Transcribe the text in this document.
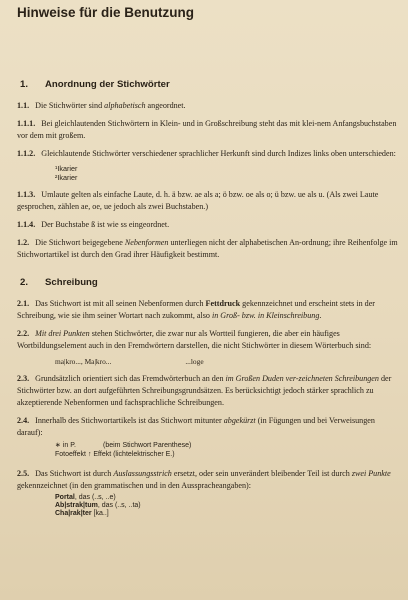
Hinweise für die Benutzung
1. Anordnung der Stichwörter
1.1. Die Stichwörter sind alphabetisch angeordnet.
1.1.1. Bei gleichlautenden Stichwörtern in Klein- und in Großschreibung steht das mit klei-nem Anfangsbuchstaben vor dem mit großem.
1.1.2. Gleichlautende Stichwörter verschiedener sprachlicher Herkunft sind durch Indizes links oben unterschieden:
¹Ikarier
²Ikarier
1.1.3. Umlaute gelten als einfache Laute, d. h. ä bzw. ae als a; ö bzw. oe als o; ü bzw. ue als u. (Als zwei Laute gesprochen, zählen ae, oe, ue jedoch als zwei Buchstaben.)
1.1.4. Der Buchstabe ß ist wie ss eingeordnet.
1.2. Die Stichwort beigegebene Nebenformen unterliegen nicht der alphabetischen An-ordnung; ihre Reihenfolge im Stichwortartikel ist durch den Grad ihrer Häufigkeit bestimmt.
2. Schreibung
2.1. Das Stichwort ist mit all seinen Nebenformen durch Fettdruck gekennzeichnet und erscheint stets in der Schreibung, wie sie ihm seiner Wortart nach zukommt, also in Groß- bzw. in Kleinschreibung.
2.2. Mit drei Punkten stehen Stichwörter, die zwar nur als Wortteil fungieren, die aber ein häufiges Wortbildungselement auch in den Fremdwörtern darstellen, die nicht Stichwörter in diesem Wörterbuch sind:
ma|kro..., Ma|kro...	...loge
2.3. Grundsätzlich orientiert sich das Fremdwörterbuch an den im Großen Duden ver-zeichneten Schreibungen der Stichwörter bzw. an dort aufgeführten Schreibungsgrundsätzen. Es berücksichtigt jedoch stärker sprachlich zu akzeptierende Nebenformen und fachsprachliche Schreibungen.
2.4. Innerhalb des Stichwortartikels ist das Stichwort mitunter abgekürzt (in Fügungen und bei Verweisungen darauf):
∗ in P.	(beim Stichwort Parenthese)
Fotoeffekt ↑ Effekt (lichtelektrischer E.)
2.5. Das Stichwort ist durch Auslassungsstrich ersetzt, oder sein unverändert bleibender Teil ist durch zwei Punkte gekennzeichnet (in den grammatischen und in den Ausspracheangaben):
Portal, das (..s, ..e)
Ab|strak|tum, das (..s, ..ta)
Cha|rak|ter [ka..]
